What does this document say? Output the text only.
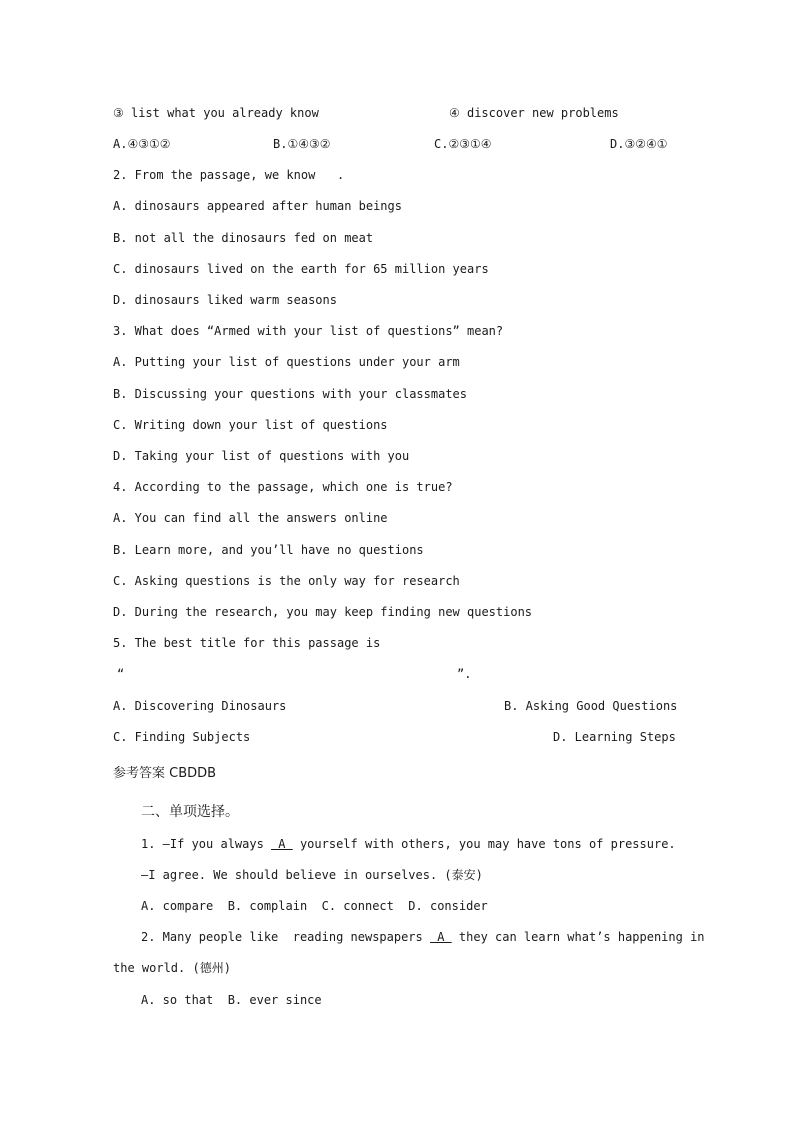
③ list what you already know	④ discover new problems
A.④③①②	B.①④③②	C.②③①④	D.③②④①
2. From the passage, we know   .
A. dinosaurs appeared after human beings
B. not all the dinosaurs fed on meat
C. dinosaurs lived on the earth for 65 million years
D. dinosaurs liked warm seasons
3. What does “Armed with your list of questions” mean?
A. Putting your list of questions under your arm
B. Discussing your questions with your classmates
C. Writing down your list of questions
D. Taking your list of questions with you
4. According to the passage, which one is true?
A. You can find all the answers online
B. Learn more, and you’ll have no questions
C. Asking questions is the only way for research
D. During the research, you may keep finding new questions
5. The best title for this passage is
“	”.
A. Discovering Dinosaurs	B. Asking Good Questions
C. Finding Subjects	D. Learning Steps
参考答案 CBDDB
二、单项选择。
1. —If you always  A  yourself with others, you may have tons of pressure.
—I agree. We should believe in ourselves. (泰安)
A. compare  B. complain  C. connect  D. consider
2. Many people like  reading newspapers  A  they can learn what’s happening in
the world. (德州)
A. so that  B. ever since
